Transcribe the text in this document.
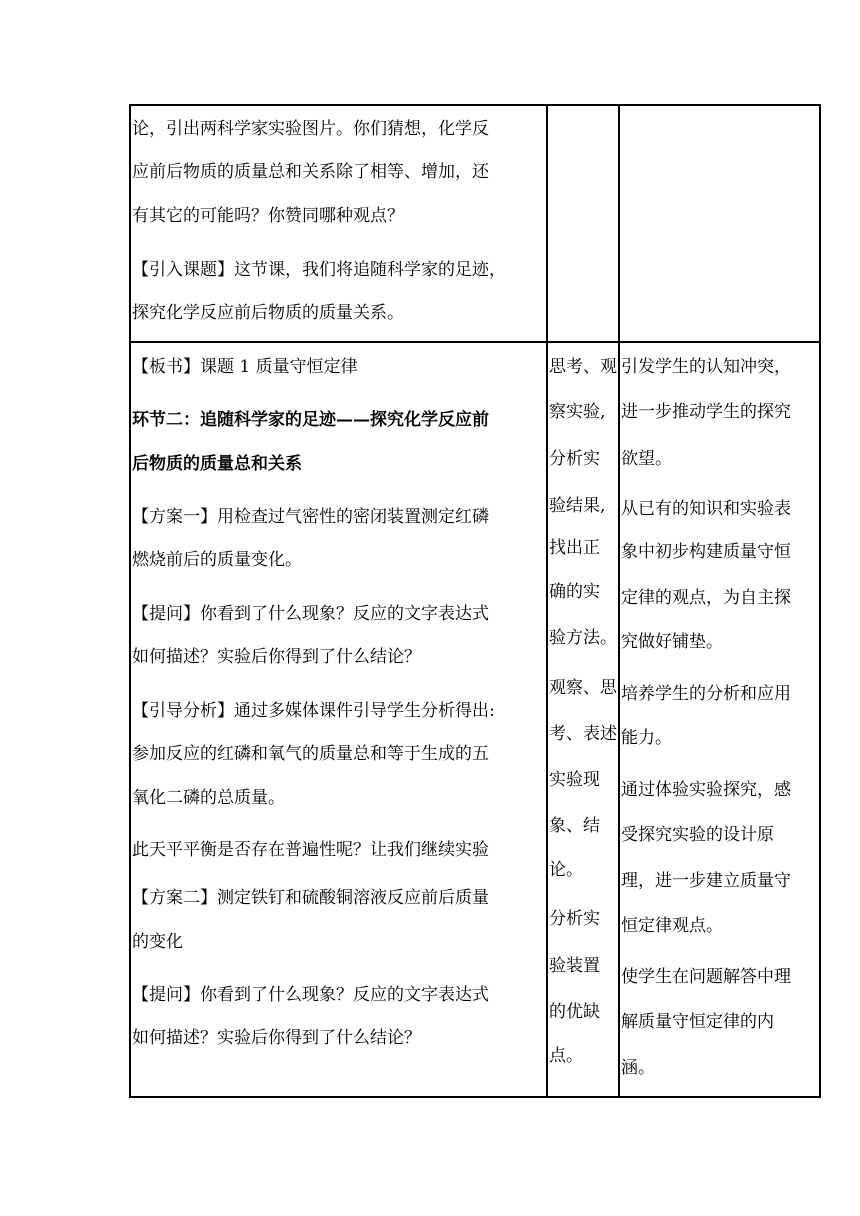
论，引出两科学家实验图片。你们猜想，化学反
应前后物质的质量总和关系除了相等、增加，还
有其它的可能吗？你赞同哪种观点？
【引入课题】这节课，我们将追随科学家的足迹，
探究化学反应前后物质的质量关系。
【板书】课题 1 质量守恒定律
环节二：追随科学家的足迹——探究化学反应前
后物质的质量总和关系
【方案一】用检查过气密性的密闭装置测定红磷
燃烧前后的质量变化。
【提问】你看到了什么现象？反应的文字表达式
如何描述？实验后你得到了什么结论？
【引导分析】通过多媒体课件引导学生分析得出:
参加反应的红磷和氧气的质量总和等于生成的五
氧化二磷的总质量。
此天平平衡是否存在普遍性呢？让我们继续实验
【方案二】测定铁钉和硫酸铜溶液反应前后质量
的变化
【提问】你看到了什么现象？反应的文字表达式
如何描述？实验后你得到了什么结论？
思考、观
察实验,
分析实
验结果,
找出正
确的实
验方法。
观察、思
考、表述
实验现
象、结
论。
分析实
验装置
的优缺
点。
引发学生的认知冲突，
进一步推动学生的探究
欲望。
从已有的知识和实验表
象中初步构建质量守恒
定律的观点，为自主探
究做好铺垫。
培养学生的分析和应用
能力。
通过体验实验探究，感
受探究实验的设计原
理，进一步建立质量守
恒定律观点。
使学生在问题解答中理
解质量守恒定律的内
涵。
